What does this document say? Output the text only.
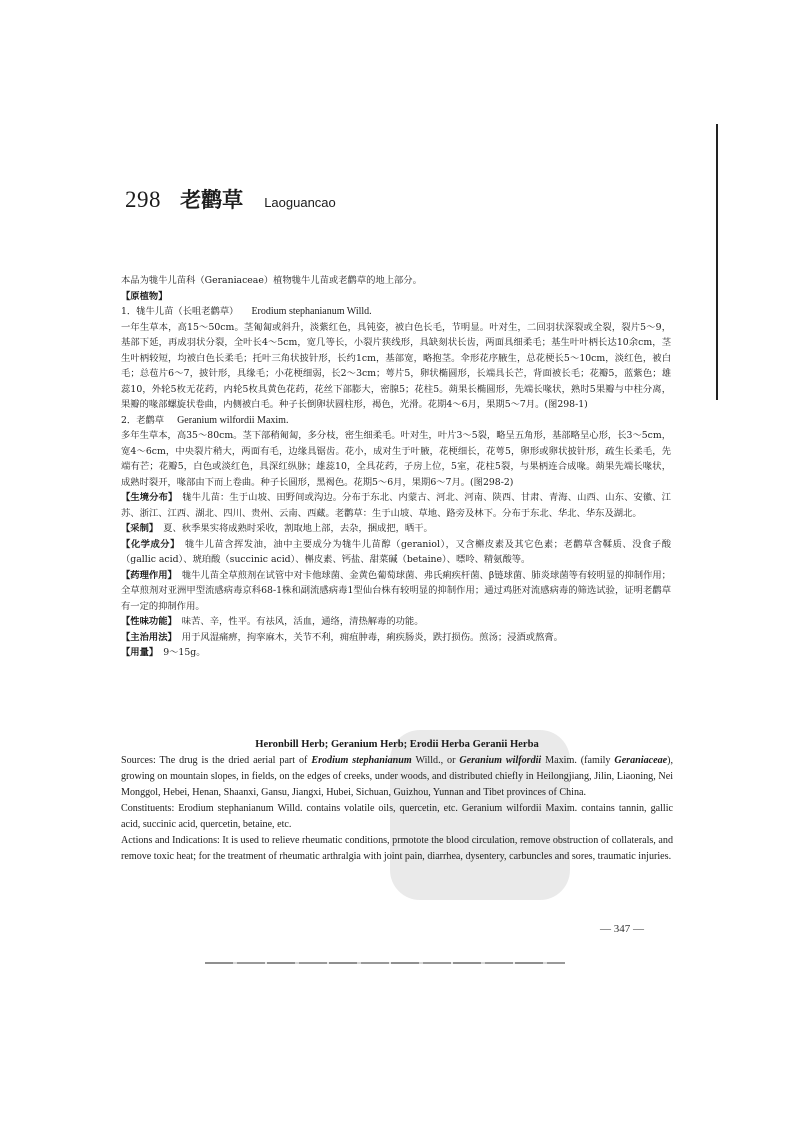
298 老鹳草 Laoguancao

本品为牻牛儿苗科（Geraniaceae）植物牻牛儿苗或老鹳草的地上部分。

【原植物】

1．牻牛儿苗（长咀老鹳草） Erodium stephanianum Willd.

一年生草本，高15～50cm。茎匍匐或斜升，淡紫红色，具钝姿，被白色长毛，节明显。叶对生，二回羽状深裂或全裂，裂片5～9，基部下延，再成羽状分裂，全叶长4～5cm，宽几等长，小裂片狭线形，具缺刻状长齿，两面具细柔毛；基生叶叶柄长达10余cm，茎生叶柄较短，均被白色长柔毛；托叶三角状披针形，长约1cm，基部宽，略抱茎。伞形花序腋生，总花梗长5～10cm，淡红色，被白毛；总苞片6～7，披针形，具缘毛；小花梗细弱，长2～3cm；萼片5，卵状椭圆形，长端具长芒，背面被长毛；花瓣5，蓝紫色；雄蕊10，外轮5枚无花药，内轮5枚具黄色花药，花丝下部膨大，密腺5；花柱5。蒴果长椭圆形，先端长喙状，熟时5果瓣与中柱分离，果瓣的喙部螺旋状卷曲，内侧被白毛。种子长倒卵状圆柱形，褐色，光滑。花期4～6月，果期5～7月。(图298-1)

2．老鹳草 Geranium wilfordii Maxim.

多年生草本，高35～80cm。茎下部稍匍匐，多分枝，密生细柔毛。叶对生，叶片3～5裂，略呈五角形，基部略呈心形，长3～5cm，宽4～6cm，中央裂片稍大，两面有毛，边缘具锯齿。花小，成对生于叶腋，花梗细长，花萼5，卵形或卵状披针形，疏生长柔毛，先端有芒；花瓣5，白色或淡红色，具深红纵脉；雄蕊10，全具花药，子房上位，5室，花柱5裂，与果柄连合成喙。蒴果先端长喙状，成熟时裂开，喙部由下而上卷曲。种子长圆形，黑褐色。花期5～6月，果期6～7月。(图298-2)

【生境分布】 牻牛儿苗：生于山坡、田野间或沟边。分布于东北、内蒙古、河北、河南、陕西、甘肃、青海、山西、山东、安徽、江苏、浙江、江西、湖北、四川、贵州、云南、西藏。老鹳草：生于山坡、草地、路旁及林下。分布于东北、华北、华东及湖北。

【采制】 夏、秋季果实将成熟时采收，割取地上部，去杂，捆成把，晒干。

【化学成分】 牻牛儿苗含挥发油，油中主要成分为牻牛儿苗醇（geraniol），又含槲皮素及其它色素；老鹳草含鞣质、没食子酸（gallic acid）、琥珀酸（succinic acid）、槲皮素、钙盐、甜菜碱（betaine）、嘌呤、精氨酸等。

【药理作用】 牻牛儿苗全草煎剂在试管中对卡他球菌、金黄色葡萄球菌、弗氏痢疾杆菌、β链球菌、肺炎球菌等有较明显的抑制作用；全草煎剂对亚洲甲型流感病毒京科68-1株和副流感病毒1型仙台株有较明显的抑制作用；通过鸡胚对流感病毒的筛选试验，证明老鹳草有一定的抑制作用。

【性味功能】 味苦、辛，性平。有祛风，活血，通络，清热解毒的功能。

【主治用法】 用于风湿痛痹，拘挛麻木，关节不利，痈疽肿毒，痢疾肠炎，跌打损伤。煎汤；浸酒或熬膏。

【用量】 9～15g。

Heronbill Herb; Geranium Herb; Erodii Herba Geranii Herba

Sources: The drug is the dried aerial part of Erodium stephanianum Willd., or Geranium wilfordii Maxim. (family Geraniaceae), growing on mountain slopes, in fields, on the edges of creeks, under woods, and distributed chiefly in Heilongjiang, Jilin, Liaoning, Nei Monggol, Hebei, Henan, Shaanxi, Gansu, Jiangxi, Hubei, Sichuan, Guizhou, Yunnan and Tibet provinces of China.

Constituents: Erodium stephanianum Willd. contains volatile oils, quercetin, etc. Geranium wilfordii Maxim. contains tannin, gallic acid, succinic acid, quercetin, betaine, etc.

Actions and Indications: It is used to relieve rheumatic conditions, prmotote the blood circulation, remove obstruction of collaterals, and remove toxic heat; for the treatment of rheumatic arthralgia with joint pain, diarrhea, dysentery, carbuncles and sores, traumatic injuries.

— 347 —
